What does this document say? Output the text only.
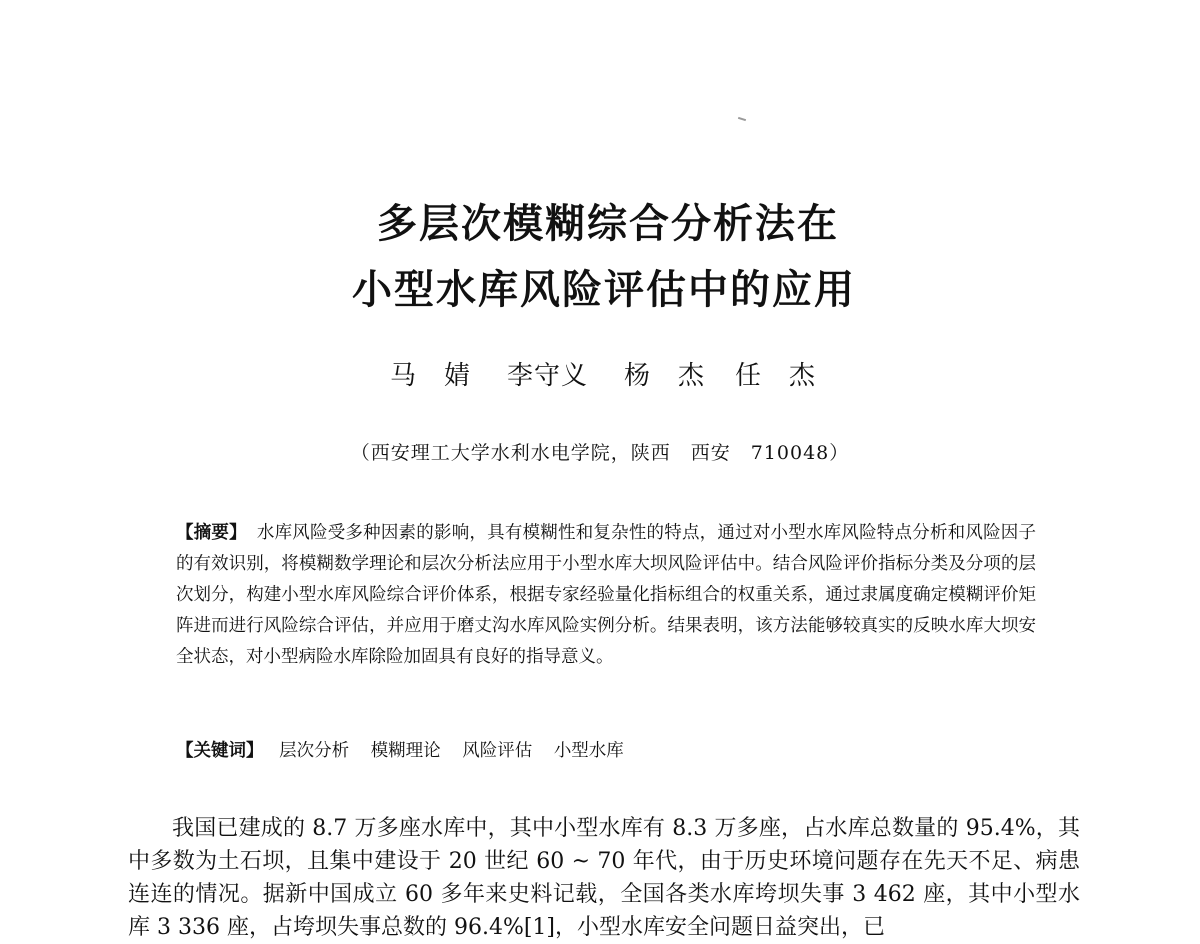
多层次模糊综合分析法在
小型水库风险评估中的应用
马　婧 李守义 杨　杰 任　杰
（西安理工大学水利水电学院，陕西　西安　710048）
【摘要】 水库风险受多种因素的影响，具有模糊性和复杂性的特点，通过对小型水库风险特点分析和风险因子的有效识别，将模糊数学理论和层次分析法应用于小型水库大坝风险评估中。结合风险评价指标分类及分项的层次划分，构建小型水库风险综合评价体系，根据专家经验量化指标组合的权重关系，通过隶属度确定模糊评价矩阵进而进行风险综合评估，并应用于磨丈沟水库风险实例分析。结果表明，该方法能够较真实的反映水库大坝安全状态，对小型病险水库除险加固具有良好的指导意义。
【关键词】 层次分析 模糊理论 风险评估 小型水库
我国已建成的 8.7 万多座水库中，其中小型水库有 8.3 万多座，占水库总数量的 95.4%，其中多数为土石坝，且集中建设于 20 世纪 60 ~ 70 年代，由于历史环境问题存在先天不足、病患连连的情况。据新中国成立 60 多年来史料记载，全国各类水库垮坝失事 3 462 座，其中小型水库 3 336 座，占垮坝失事总数的 96.4%[1]，小型水库安全问题日益突出，已
